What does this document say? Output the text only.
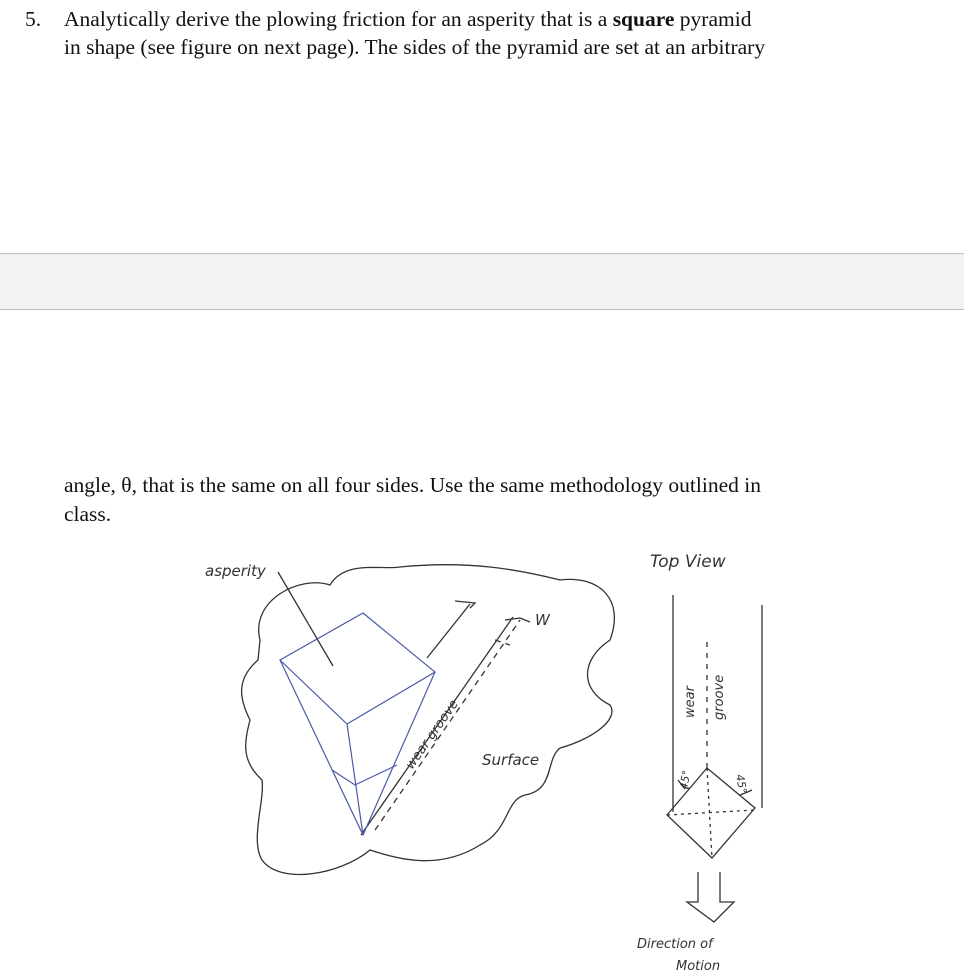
5. Analytically derive the plowing friction for an asperity that is a square pyramid
in shape (see figure on next page). The sides of the pyramid are set at an arbitrary
angle, θ, that is the same on all four sides. Use the same methodology outlined in
class.
asperity
W
wear groove Surface
Top View
wear groove
45°	45°
Direction of
Motion
